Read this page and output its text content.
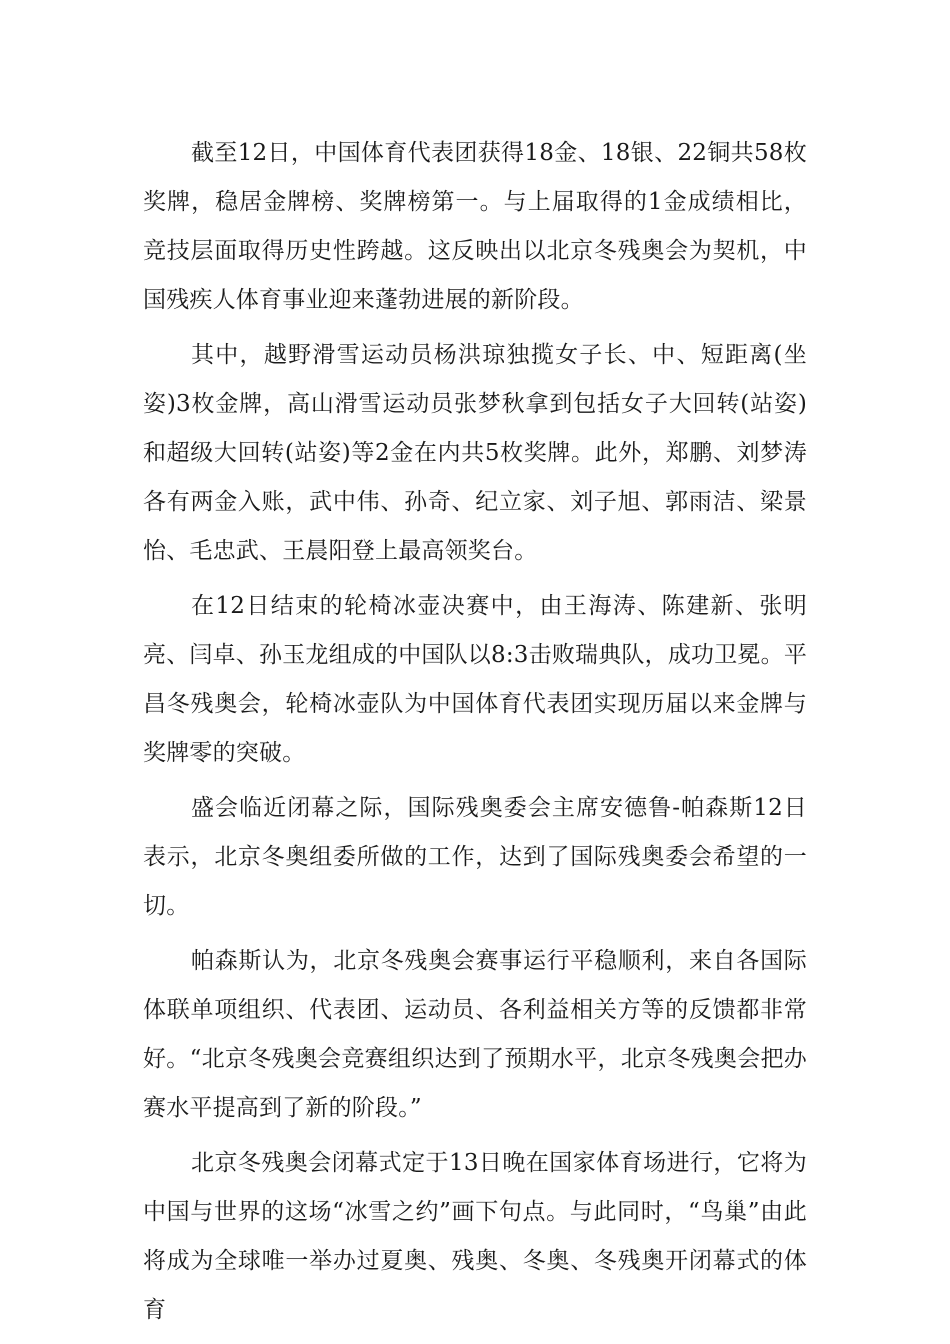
截至12日，中国体育代表团获得18金、18银、22铜共58枚奖牌，稳居金牌榜、奖牌榜第一。与上届取得的1金成绩相比，竞技层面取得历史性跨越。这反映出以北京冬残奥会为契机，中国残疾人体育事业迎来蓬勃进展的新阶段。

其中，越野滑雪运动员杨洪琼独揽女子长、中、短距离(坐姿)3枚金牌，高山滑雪运动员张梦秋拿到包括女子大回转(站姿)和超级大回转(站姿)等2金在内共5枚奖牌。此外，郑鹏、刘梦涛各有两金入账，武中伟、孙奇、纪立家、刘子旭、郭雨洁、梁景怡、毛忠武、王晨阳登上最高领奖台。

在12日结束的轮椅冰壶决赛中，由王海涛、陈建新、张明亮、闫卓、孙玉龙组成的中国队以8:3击败瑞典队，成功卫冕。平昌冬残奥会，轮椅冰壶队为中国体育代表团实现历届以来金牌与奖牌零的突破。

盛会临近闭幕之际，国际残奥委会主席安德鲁-帕森斯12日表示，北京冬奥组委所做的工作，达到了国际残奥委会希望的一切。

帕森斯认为，北京冬残奥会赛事运行平稳顺利，来自各国际体联单项组织、代表团、运动员、各利益相关方等的反馈都非常好。“北京冬残奥会竞赛组织达到了预期水平，北京冬残奥会把办赛水平提高到了新的阶段。”

北京冬残奥会闭幕式定于13日晚在国家体育场进行，它将为中国与世界的这场“冰雪之约”画下句点。与此同时，“鸟巢”由此将成为全球唯一举办过夏奥、残奥、冬奥、冬残奥开闭幕式的体育
